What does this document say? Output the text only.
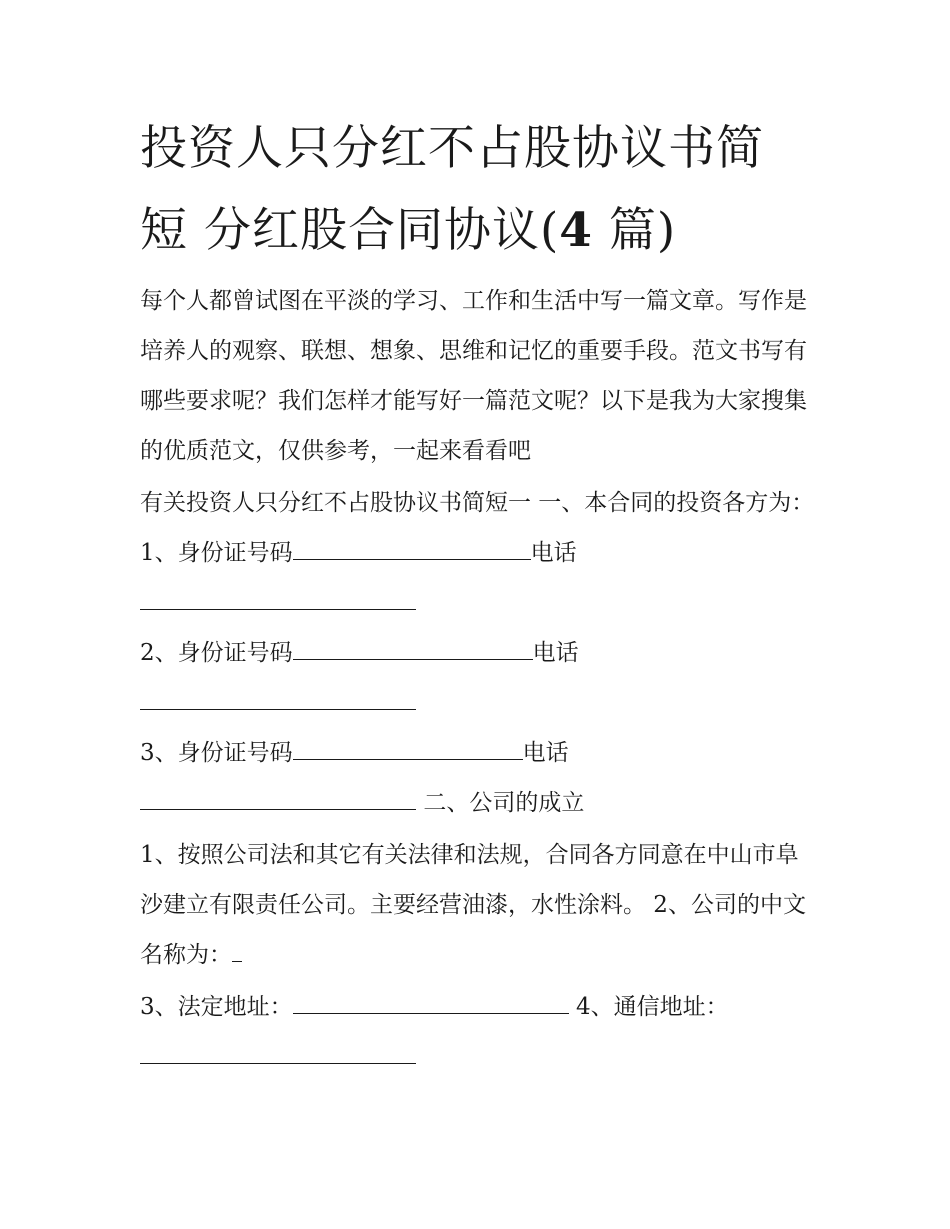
投资人只分红不占股协议书简
短 分红股合同协议(4 篇)

每个人都曾试图在平淡的学习、工作和生活中写一篇文章。写作是培养人的观察、联想、想象、思维和记忆的重要手段。范文书写有哪些要求呢？我们怎样才能写好一篇范文呢？以下是我为大家搜集的优质范文，仅供参考，一起来看看吧

有关投资人只分红不占股协议书简短一 一、本合同的投资各方为：

1、身份证号码	电话

2、身份证号码	电话

3、身份证号码	电话

二、公司的成立

1、按照公司法和其它有关法律和法规，合同各方同意在中山市阜沙建立有限责任公司。主要经营油漆，水性涂料。 2、公司的中文名称为：

3、法定地址：	4、通信地址：
